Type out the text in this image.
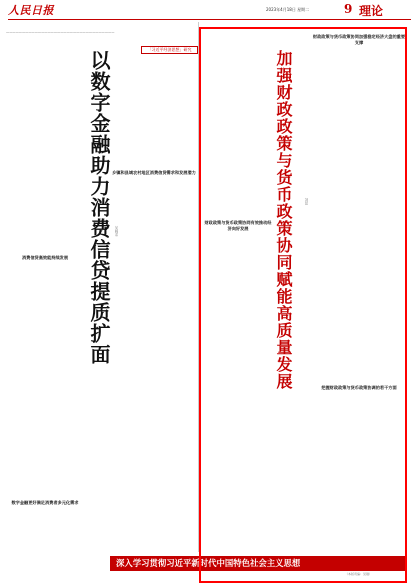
人民日报	2023年4月18日 星期二	9 理论
——————————————————————————————————
消费信贷高效能持续发展
数字金融更好满足消费者多元化需求
以数字金融助力消费信贷提质扩面
「习近平经济思想」研究
乡镇和县域农村地区消费信贷需求和发展潜力
吴晓求
财政政策与货币政策协同有效推动经济向好发展	加强财政政策与货币政策协同赋能高质量发展	刘昆
财政政策与货币政策协同加强稳定经济大盘的重要支撑
把握财政政策与货币政策协调的若干方面
深入学习贯彻习近平新时代中国特色社会主义思想
（本版责编：吴刚）
